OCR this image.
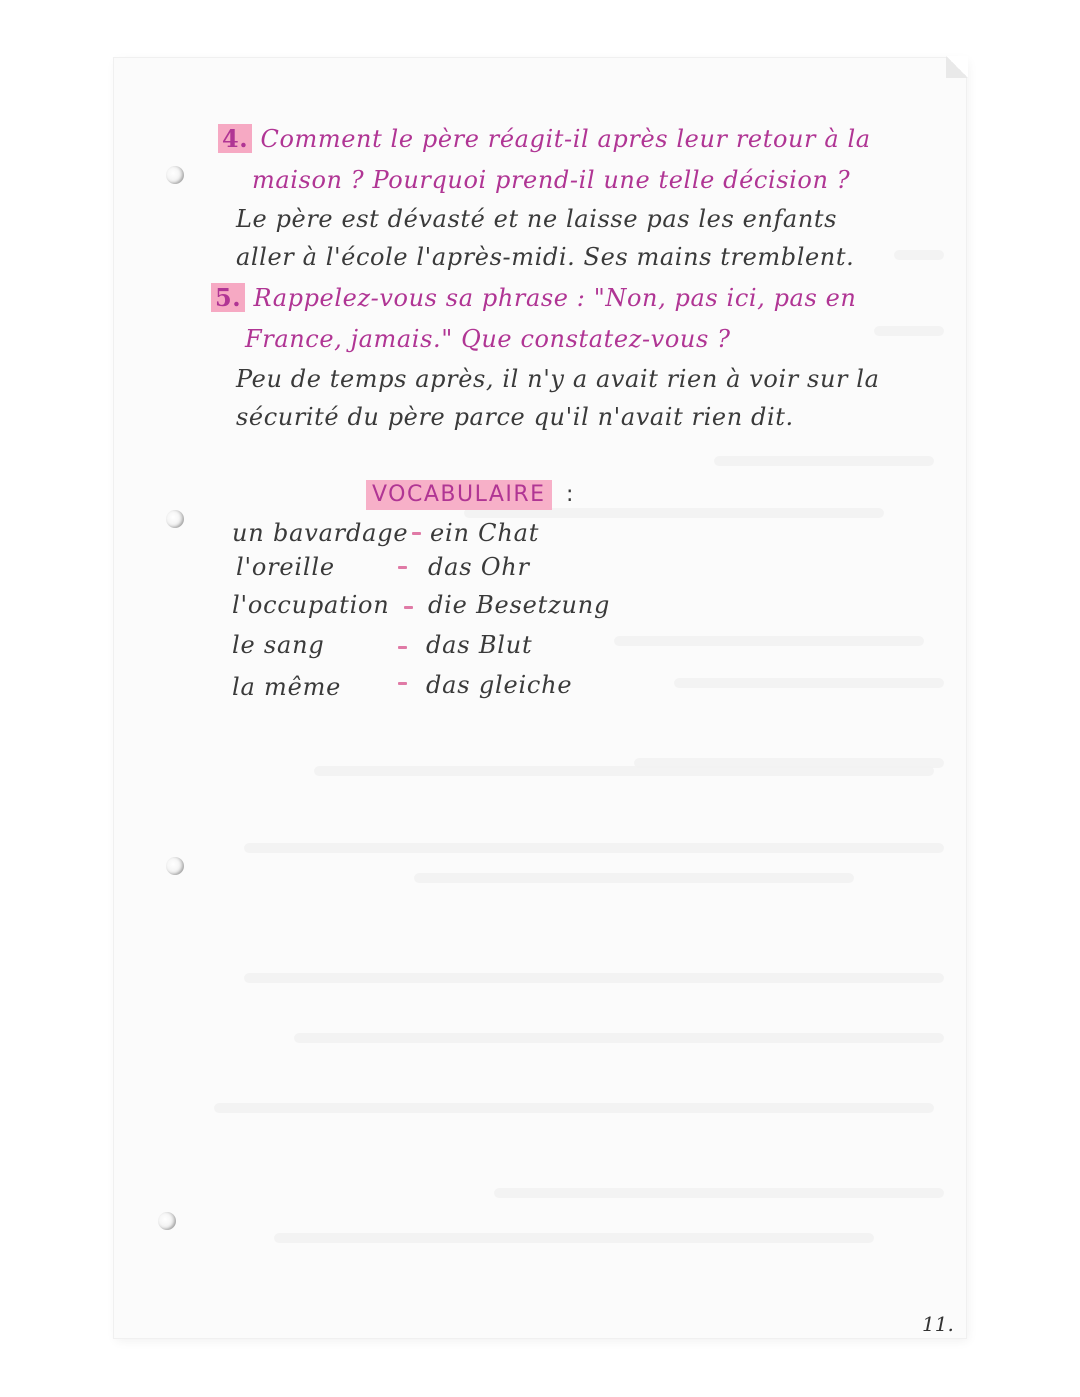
4. Comment le père réagit-il après leur retour à la
maison ? Pourquoi prend-il une telle décision ?
Le père est dévasté et ne laisse pas les enfants
aller à l'école l'après-midi. Ses mains tremblent.
5. Rappelez-vous sa phrase : "Non, pas ici, pas en
France, jamais." Que constatez-vous ?
Peu de temps après, il n'y a avait rien à voir sur la
sécurité du père parce qu'il n'avait rien dit.
VOCABULAIRE :
un bavardage ein Chat
l'oreille	das Ohr
l'occupation die Besetzung
le sang	das Blut
la même	das gleiche
11.
